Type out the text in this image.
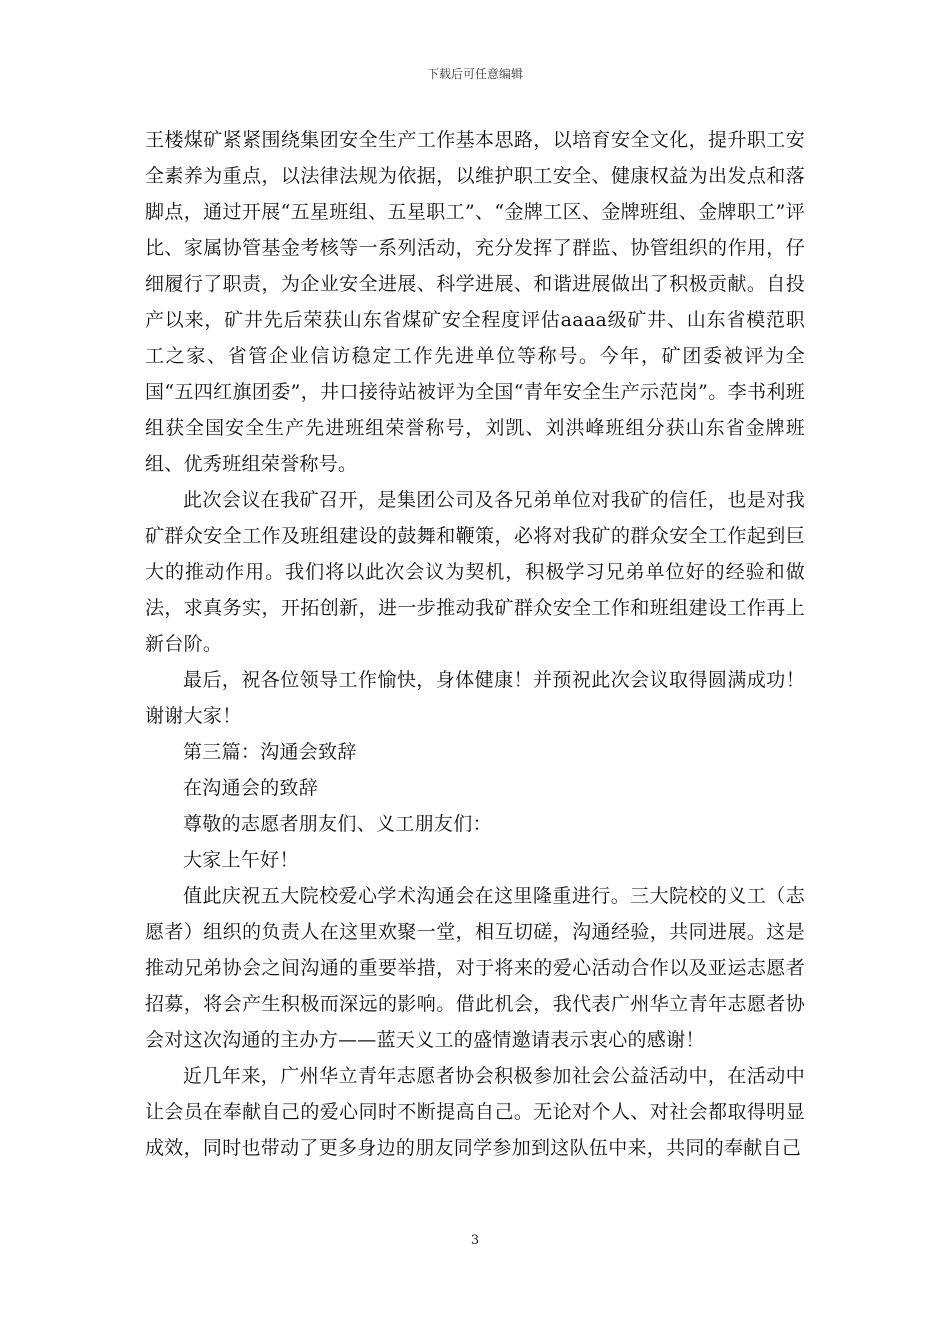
下载后可任意编辑

王楼煤矿紧紧围绕集团安全生产工作基本思路，以培育安全文化，提升职工安全素养为重点，以法律法规为依据，以维护职工安全、健康权益为出发点和落脚点，通过开展“五星班组、五星职工”、“金牌工区、金牌班组、金牌职工”评比、家属协管基金考核等一系列活动，充分发挥了群监、协管组织的作用，仔细履行了职责，为企业安全进展、科学进展、和谐进展做出了积极贡献。自投产以来，矿井先后荣获山东省煤矿安全程度评估aaaa级矿井、山东省模范职工之家、省管企业信访稳定工作先进单位等称号。今年，矿团委被评为全国“五四红旗团委”，井口接待站被评为全国“青年安全生产示范岗”。李书利班组获全国安全生产先进班组荣誉称号，刘凯、刘洪峰班组分获山东省金牌班组、优秀班组荣誉称号。

此次会议在我矿召开，是集团公司及各兄弟单位对我矿的信任，也是对我矿群众安全工作及班组建设的鼓舞和鞭策，必将对我矿的群众安全工作起到巨大的推动作用。我们将以此次会议为契机，积极学习兄弟单位好的经验和做法，求真务实，开拓创新，进一步推动我矿群众安全工作和班组建设工作再上新台阶。

最后，祝各位领导工作愉快，身体健康！并预祝此次会议取得圆满成功！谢谢大家！

第三篇：沟通会致辞

在沟通会的致辞

尊敬的志愿者朋友们、义工朋友们：

大家上午好！

值此庆祝五大院校爱心学术沟通会在这里隆重进行。三大院校的义工（志愿者）组织的负责人在这里欢聚一堂，相互切磋，沟通经验，共同进展。这是推动兄弟协会之间沟通的重要举措，对于将来的爱心活动合作以及亚运志愿者招募，将会产生积极而深远的影响。借此机会，我代表广州华立青年志愿者协会对这次沟通的主办方——蓝天义工的盛情邀请表示衷心的感谢！

近几年来，广州华立青年志愿者协会积极参加社会公益活动中，在活动中让会员在奉献自己的爱心同时不断提高自己。无论对个人、对社会都取得明显成效，同时也带动了更多身边的朋友同学参加到这队伍中来，共同的奉献自己

3
